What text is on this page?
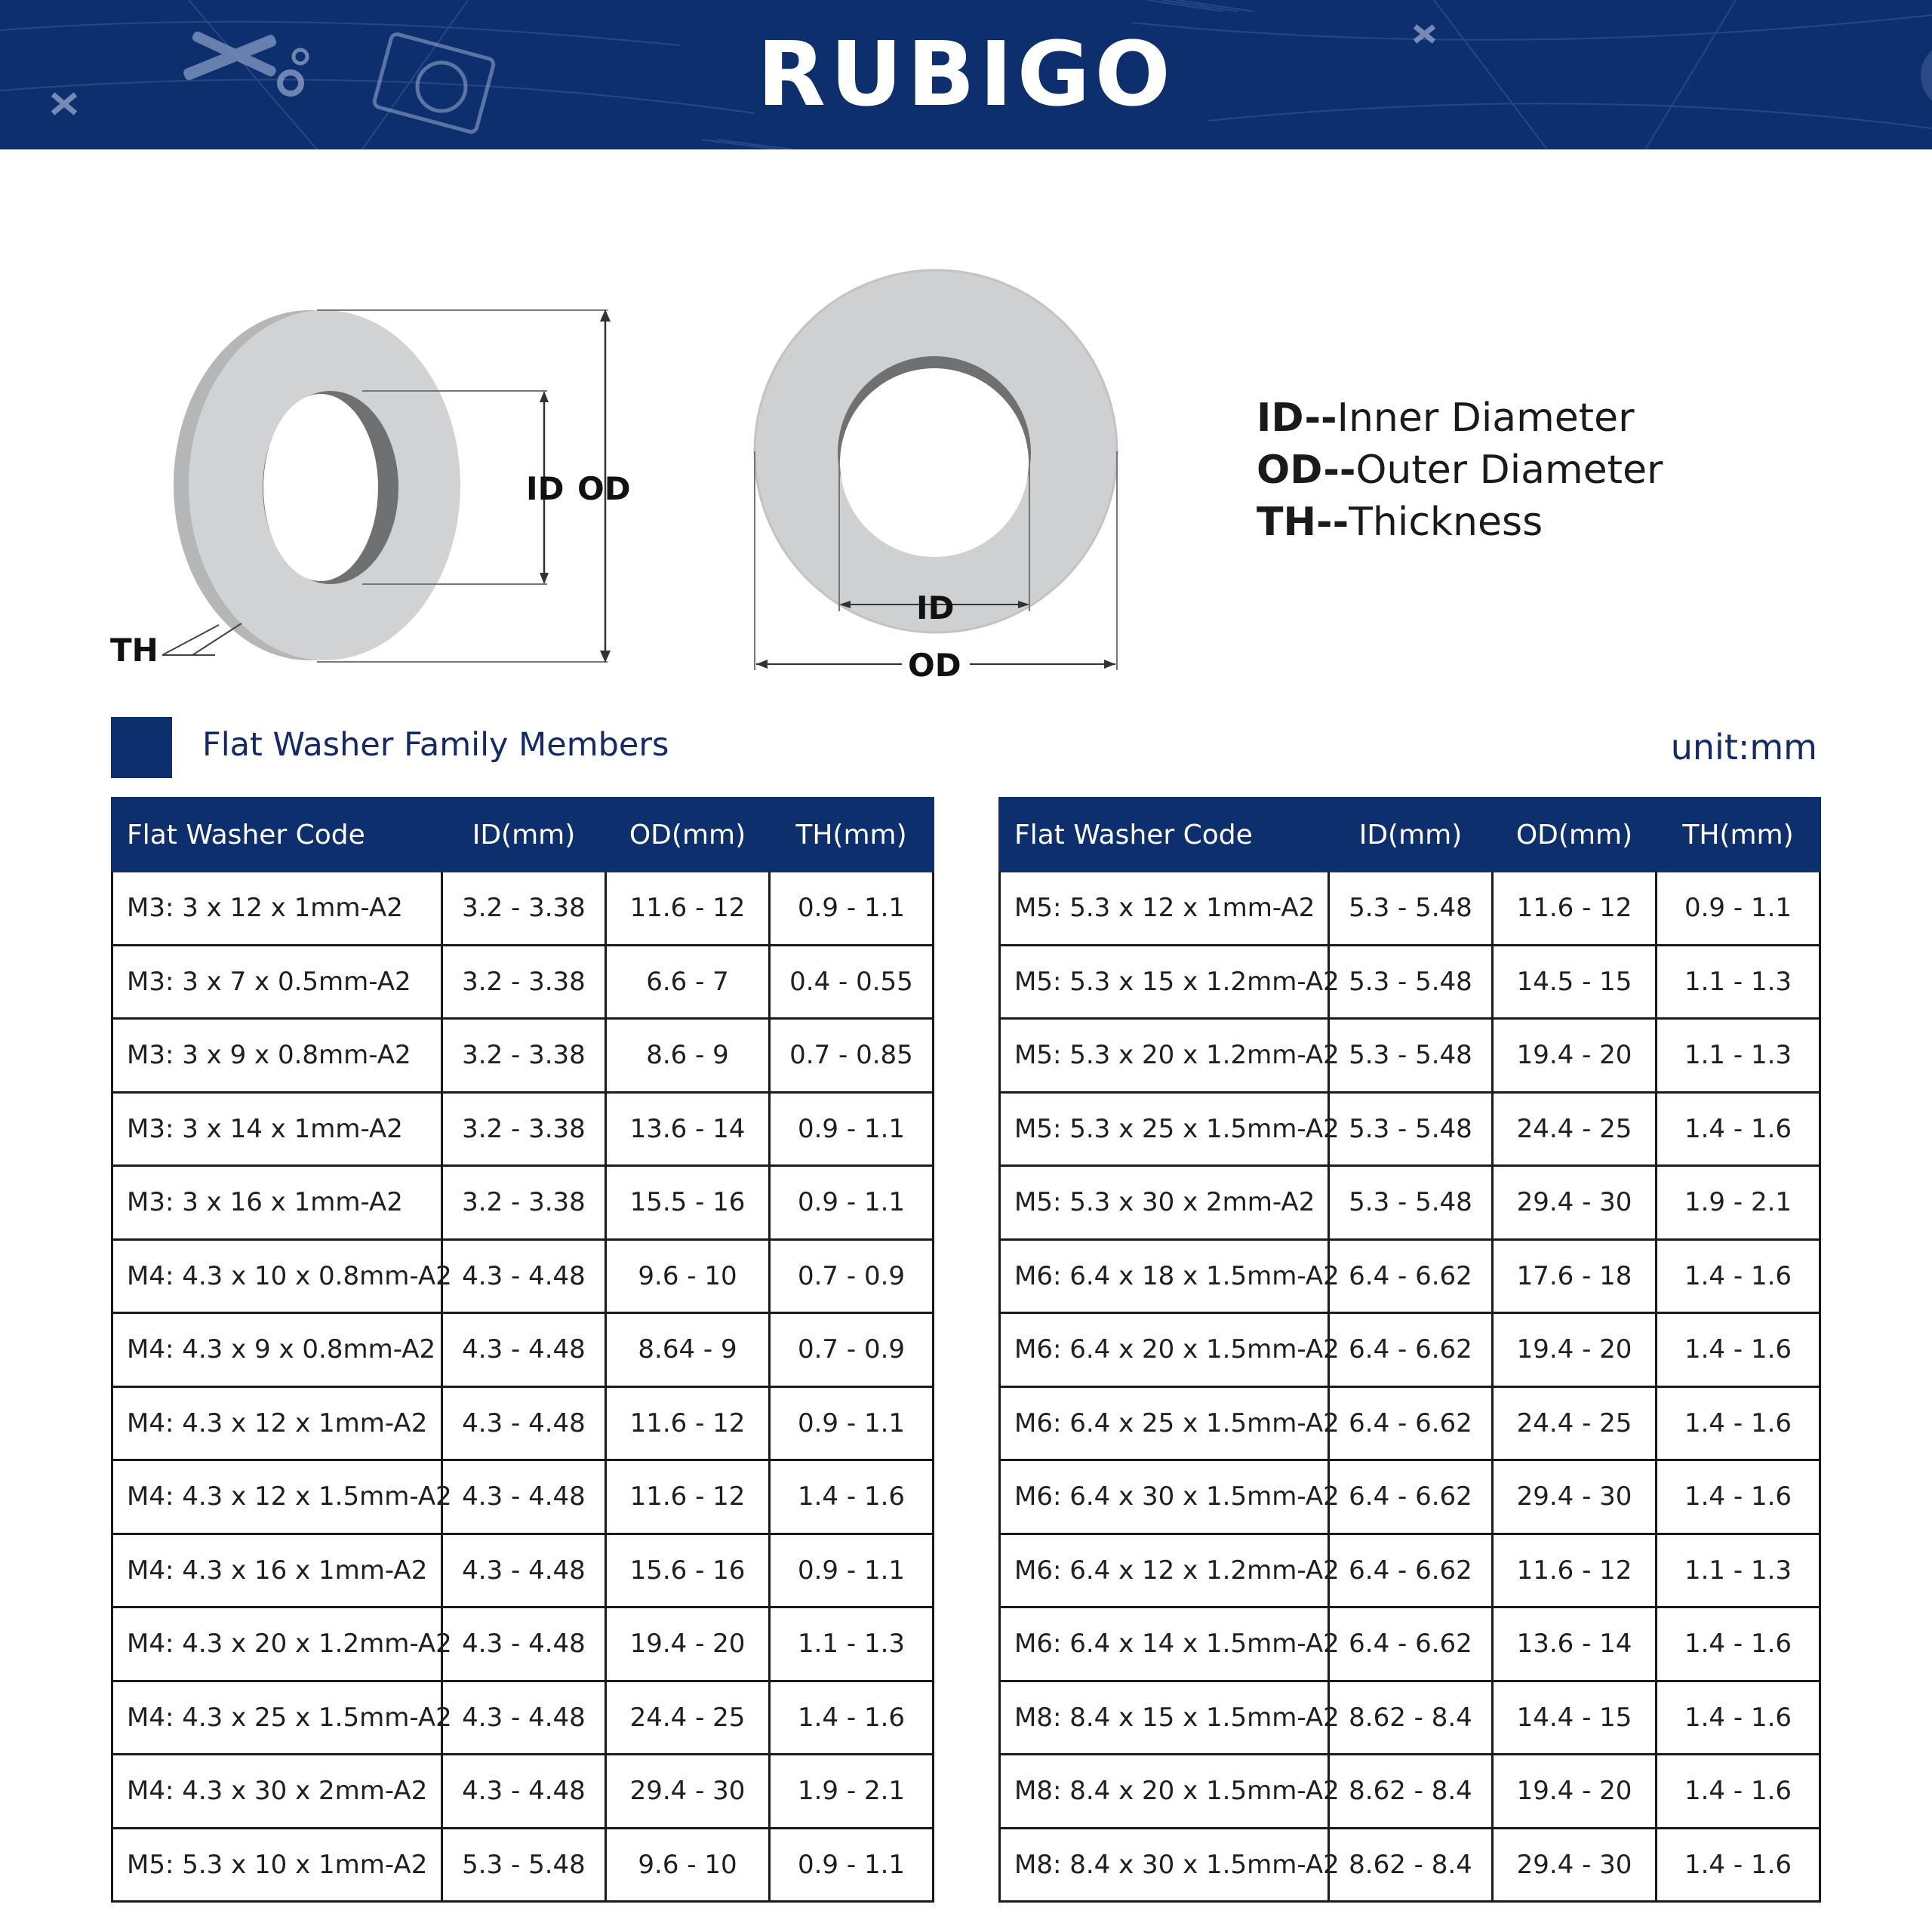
RUBIGO
ID OD
TH
ID
OD
ID--Inner Diameter
OD--Outer Diameter
TH--Thickness
Flat Washer Family Members	unit:mm
Flat Washer Code	ID(mm)	OD(mm)	TH(mm)
M3: 3 x 12 x 1mm-A2	3.2 - 3.38	11.6 - 12	0.9 - 1.1
M3: 3 x 7 x 0.5mm-A2	3.2 - 3.38	6.6 - 7	0.4 - 0.55
M3: 3 x 9 x 0.8mm-A2	3.2 - 3.38	8.6 - 9	0.7 - 0.85
M3: 3 x 14 x 1mm-A2	3.2 - 3.38	13.6 - 14	0.9 - 1.1
M3: 3 x 16 x 1mm-A2	3.2 - 3.38	15.5 - 16	0.9 - 1.1
M4: 4.3 x 10 x 0.8mm-A2	4.3 - 4.48	9.6 - 10	0.7 - 0.9
M4: 4.3 x 9 x 0.8mm-A2	4.3 - 4.48	8.64 - 9	0.7 - 0.9
M4: 4.3 x 12 x 1mm-A2	4.3 - 4.48	11.6 - 12	0.9 - 1.1
M4: 4.3 x 12 x 1.5mm-A2	4.3 - 4.48	11.6 - 12	1.4 - 1.6
M4: 4.3 x 16 x 1mm-A2	4.3 - 4.48	15.6 - 16	0.9 - 1.1
M4: 4.3 x 20 x 1.2mm-A2	4.3 - 4.48	19.4 - 20	1.1 - 1.3
M4: 4.3 x 25 x 1.5mm-A2	4.3 - 4.48	24.4 - 25	1.4 - 1.6
M4: 4.3 x 30 x 2mm-A2	4.3 - 4.48	29.4 - 30	1.9 - 2.1
M5: 5.3 x 10 x 1mm-A2	5.3 - 5.48	9.6 - 10	0.9 - 1.1
Flat Washer Code	ID(mm)	OD(mm)	TH(mm)
M5: 5.3 x 12 x 1mm-A2	5.3 - 5.48	11.6 - 12	0.9 - 1.1
M5: 5.3 x 15 x 1.2mm-A2	5.3 - 5.48	14.5 - 15	1.1 - 1.3
M5: 5.3 x 20 x 1.2mm-A2	5.3 - 5.48	19.4 - 20	1.1 - 1.3
M5: 5.3 x 25 x 1.5mm-A2	5.3 - 5.48	24.4 - 25	1.4 - 1.6
M5: 5.3 x 30 x 2mm-A2	5.3 - 5.48	29.4 - 30	1.9 - 2.1
M6: 6.4 x 18 x 1.5mm-A2	6.4 - 6.62	17.6 - 18	1.4 - 1.6
M6: 6.4 x 20 x 1.5mm-A2	6.4 - 6.62	19.4 - 20	1.4 - 1.6
M6: 6.4 x 25 x 1.5mm-A2	6.4 - 6.62	24.4 - 25	1.4 - 1.6
M6: 6.4 x 30 x 1.5mm-A2	6.4 - 6.62	29.4 - 30	1.4 - 1.6
M6: 6.4 x 12 x 1.2mm-A2	6.4 - 6.62	11.6 - 12	1.1 - 1.3
M6: 6.4 x 14 x 1.5mm-A2	6.4 - 6.62	13.6 - 14	1.4 - 1.6
M8: 8.4 x 15 x 1.5mm-A2	8.62 - 8.4	14.4 - 15	1.4 - 1.6
M8: 8.4 x 20 x 1.5mm-A2	8.62 - 8.4	19.4 - 20	1.4 - 1.6
M8: 8.4 x 30 x 1.5mm-A2	8.62 - 8.4	29.4 - 30	1.4 - 1.6
